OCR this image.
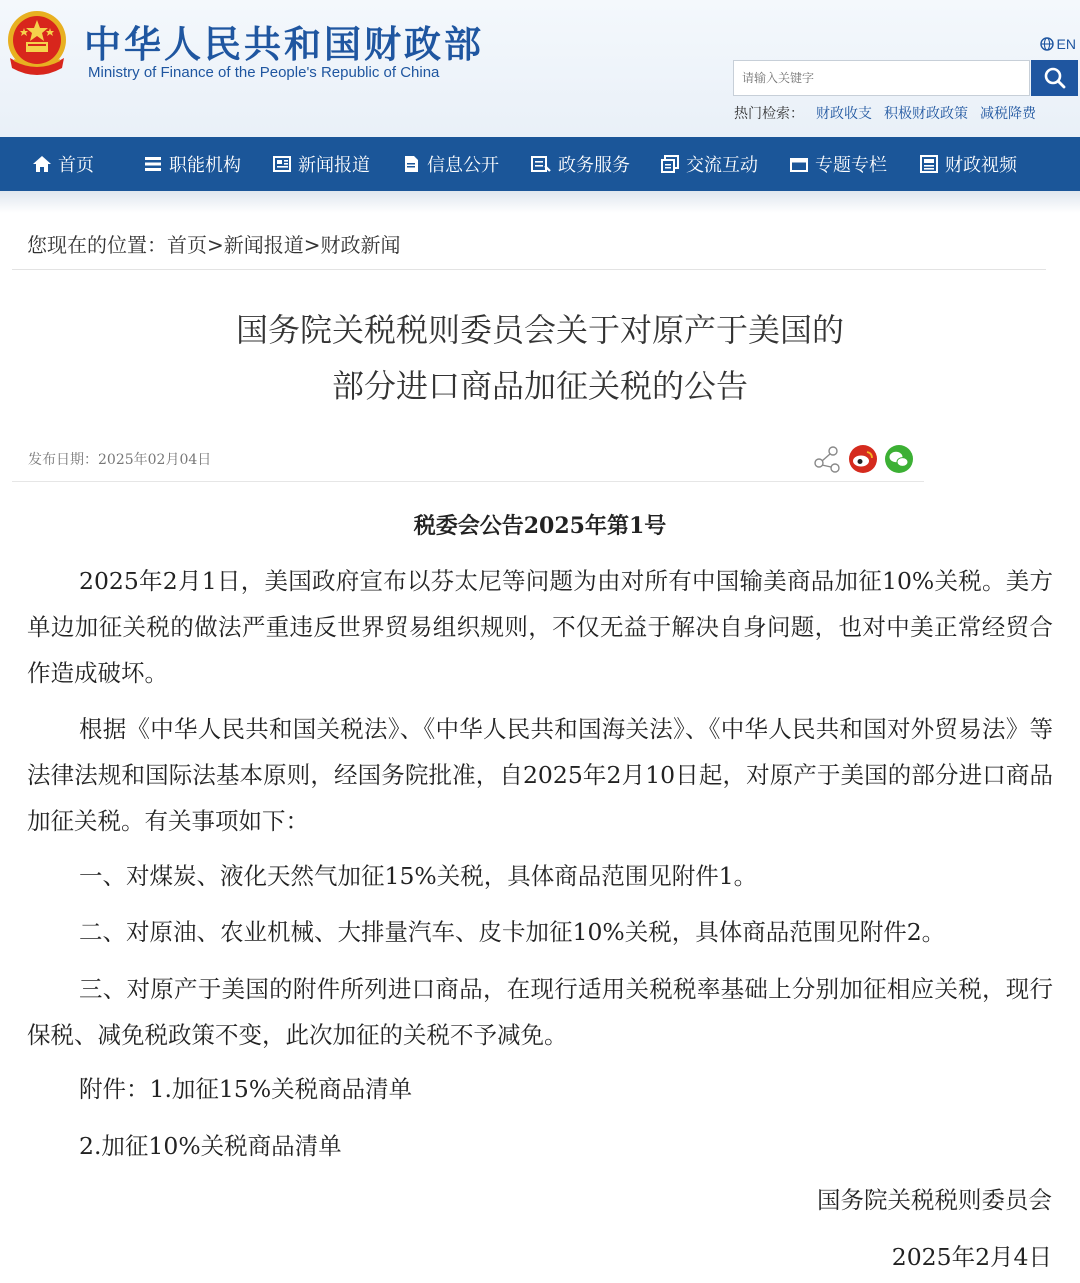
中华人民共和国财政部
Ministry of Finance of the People's Republic of China
EN
请输入关键字
热门检索： 财政收支 积极财政政策 减税降费
首页	职能机构	新闻报道	信息公开	政务服务	交流互动	专题专栏	财政视频
您现在的位置：首页>新闻报道>财政新闻
国务院关税税则委员会关于对原产于美国的
部分进口商品加征关税的公告
发布日期：2025年02月04日
税委会公告2025年第1号
2025年2月1日，美国政府宣布以芬太尼等问题为由对所有中国输美商品加征10%关税。美方单边加征关税的做法严重违反世界贸易组织规则，不仅无益于解决自身问题，也对中美正常经贸合作造成破坏。
根据《中华人民共和国关税法》、《中华人民共和国海关法》、《中华人民共和国对外贸易法》等法律法规和国际法基本原则，经国务院批准，自2025年2月10日起，对原产于美国的部分进口商品加征关税。有关事项如下：
一、对煤炭、液化天然气加征15%关税，具体商品范围见附件1。
二、对原油、农业机械、大排量汽车、皮卡加征10%关税，具体商品范围见附件2。
三、对原产于美国的附件所列进口商品，在现行适用关税税率基础上分别加征相应关税，现行保税、减免税政策不变，此次加征的关税不予减免。
附件：1.加征15%关税商品清单
2.加征10%关税商品清单
国务院关税税则委员会
2025年2月4日
